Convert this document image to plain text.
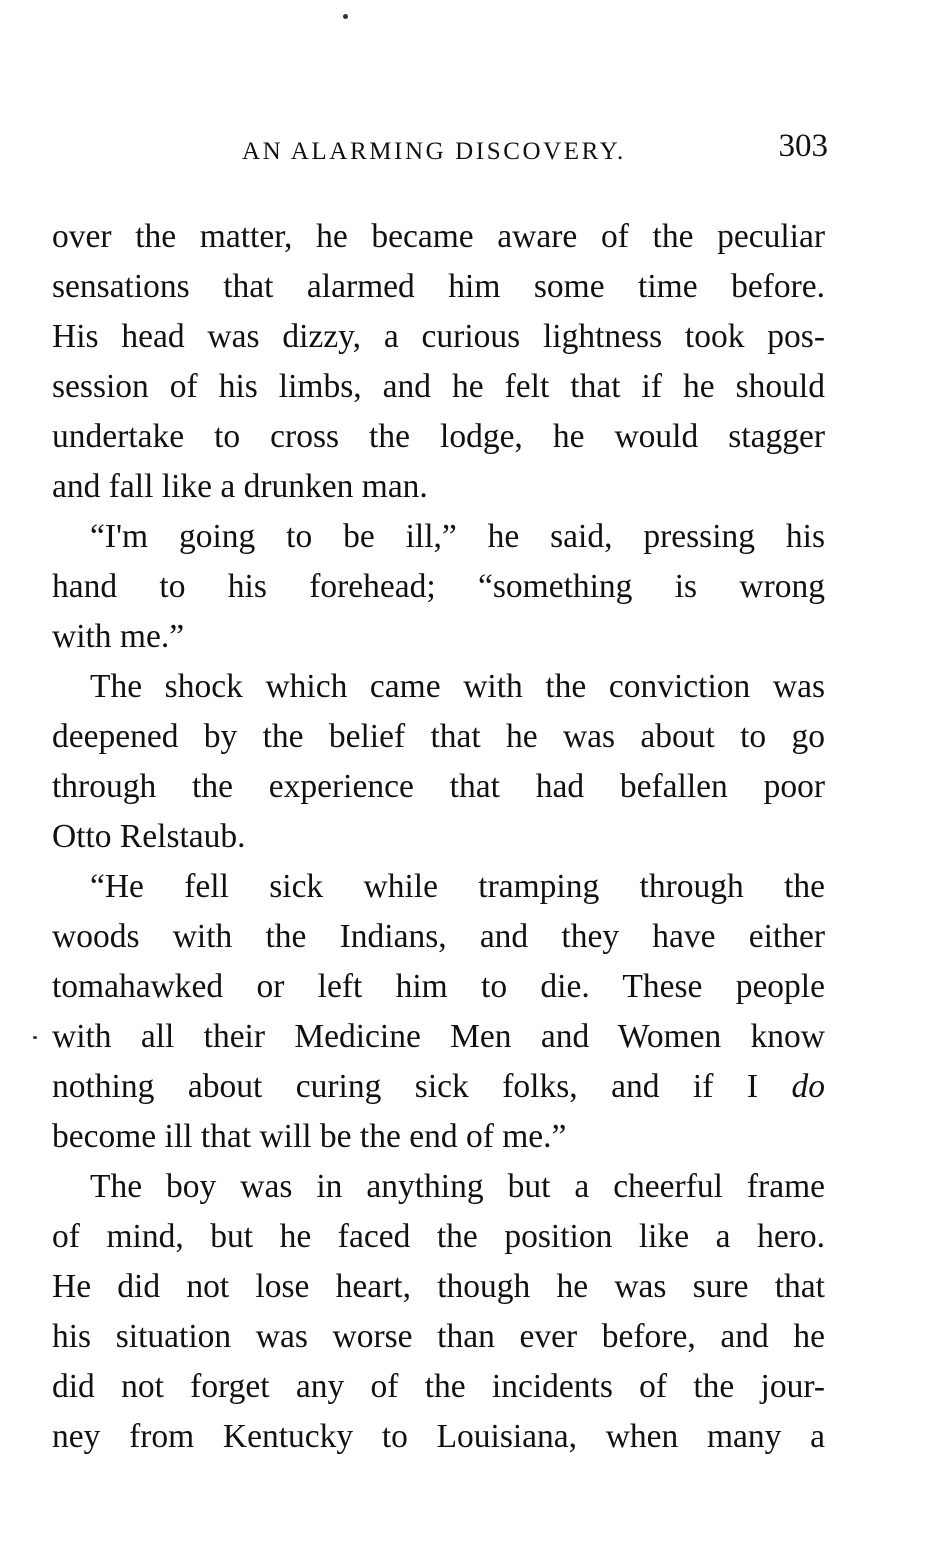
AN ALARMING DISCOVERY.	303
over the matter, he became aware of the peculiar
sensations that alarmed him some time before.
His head was dizzy, a curious lightness took pos-
session of his limbs, and he felt that if he should
undertake to cross the lodge, he would stagger
and fall like a drunken man.
“I'm going to be ill,” he said, pressing his
hand to his forehead; “something is wrong
with me.”
The shock which came with the conviction was
deepened by the belief that he was about to go
through the experience that had befallen poor
Otto Relstaub.
“He fell sick while tramping through the
woods with the Indians, and they have either
tomahawked or left him to die. These people
with all their Medicine Men and Women know
nothing about curing sick folks, and if I do
become ill that will be the end of me.”
The boy was in anything but a cheerful frame
of mind, but he faced the position like a hero.
He did not lose heart, though he was sure that
his situation was worse than ever before, and he
did not forget any of the incidents of the jour-
ney from Kentucky to Louisiana, when many a
